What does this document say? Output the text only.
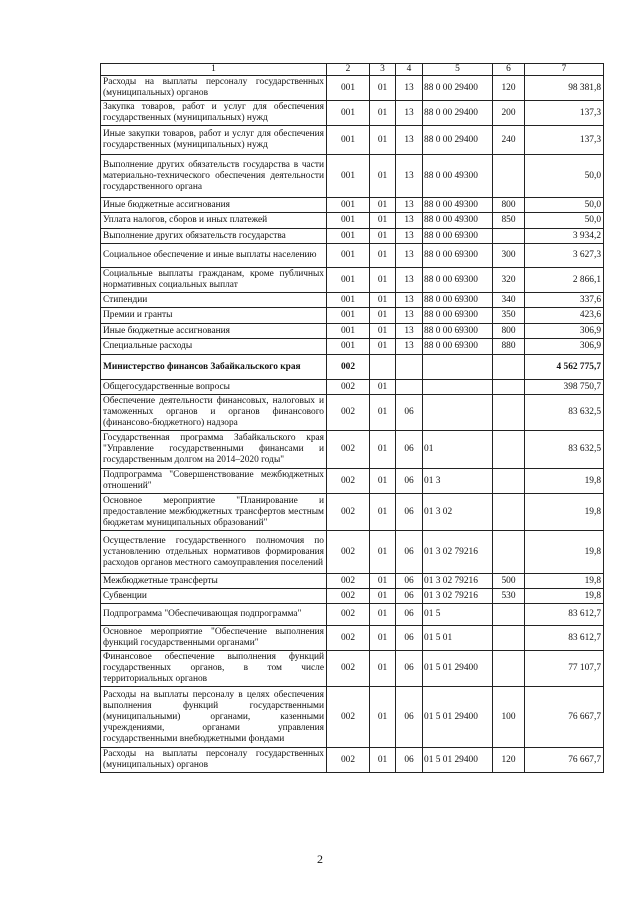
1	2	3	4	5	6	7
Расходы на выплаты персоналу государственных (муниципальных) органов	001	01	13	88 0 00 29400	120	98 381,8
Закупка товаров, работ и услуг для обеспечения государственных (муниципальных) нужд	001	01	13	88 0 00 29400	200	137,3
Иные закупки товаров, работ и услуг для обеспечения государственных (муниципальных) нужд	001	01	13	88 0 00 29400	240	137,3
Выполнение других обязательств государства в части материально-технического обеспечения деятельности государственного органа	001	01	13	88 0 00 49300		50,0
Иные бюджетные ассигнования	001	01	13	88 0 00 49300	800	50,0
Уплата налогов, сборов и иных платежей	001	01	13	88 0 00 49300	850	50,0
Выполнение других обязательств государства	001	01	13	88 0 00 69300		3 934,2
Социальное обеспечение и иные выплаты населению	001	01	13	88 0 00 69300	300	3 627,3
Социальные выплаты гражданам, кроме публичных нормативных социальных выплат	001	01	13	88 0 00 69300	320	2 866,1
Стипендии	001	01	13	88 0 00 69300	340	337,6
Премии и гранты	001	01	13	88 0 00 69300	350	423,6
Иные бюджетные ассигнования	001	01	13	88 0 00 69300	800	306,9
Специальные расходы	001	01	13	88 0 00 69300	880	306,9
Министерство финансов Забайкальского края	002					4 562 775,7
Общегосударственные вопросы	002	01				398 750,7
Обеспечение деятельности финансовых, налоговых и таможенных органов и органов финансового (финансово-бюджетного) надзора	002	01	06			83 632,5
Государственная программа Забайкальского края "Управление государственными финансами и государственным долгом на 2014–2020 годы"	002	01	06	01		83 632,5
Подпрограмма "Совершенствование межбюджетных отношений"	002	01	06	01 3		19,8
Основное мероприятие "Планирование и предоставление межбюджетных трансфертов местным бюджетам муниципальных образований"	002	01	06	01 3 02		19,8
Осуществление государственного полномочия по установлению отдельных нормативов формирования расходов органов местного самоуправления поселений	002	01	06	01 3 02 79216		19,8
Межбюджетные трансферты	002	01	06	01 3 02 79216	500	19,8
Субвенции	002	01	06	01 3 02 79216	530	19,8
Подпрограмма "Обеспечивающая подпрограмма"	002	01	06	01 5		83 612,7
Основное мероприятие "Обеспечение выполнения функций государственными органами"	002	01	06	01 5 01		83 612,7
Финансовое обеспечение выполнения функций государственных органов, в том числе территориальных органов	002	01	06	01 5 01 29400		77 107,7
Расходы на выплаты персоналу в целях обеспечения выполнения функций государственными (муниципальными) органами, казенными учреждениями, органами управления государственными внебюджетными фондами	002	01	06	01 5 01 29400	100	76 667,7
Расходы на выплаты персоналу государственных (муниципальных) органов	002	01	06	01 5 01 29400	120	76 667,7
2
